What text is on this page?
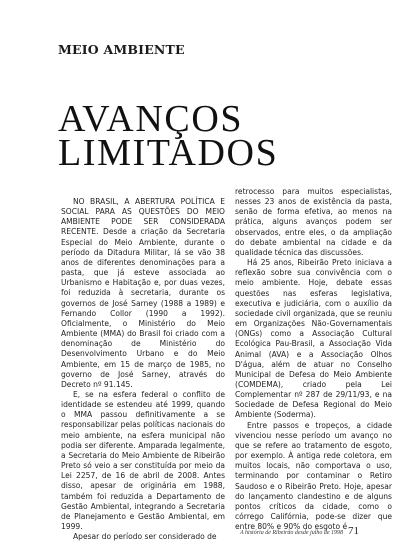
MEIO AMBIENTE
AVANÇOS
LIMITADOS

NO BRASIL, A ABERTURA POLÍTICA E SOCIAL PARA AS QUESTÕES DO MEIO AMBIENTE PODE SER CONSIDERADA RECENTE. Desde a criação da Secretaria Especial do Meio Ambiente, durante o período da Ditadura Militar, lá se vão 38 anos de diferentes denominações para a pasta, que já esteve associada ao Urbanismo e Habitação e, por duas vezes, foi reduzida à secretaria, durante os governos de José Sarney (1988 a 1989) e Fernando Collor (1990 a 1992). Oficialmente, o Ministério do Meio Ambiente (MMA) do Brasil foi criado com a denominação de Ministério do Desenvolvimento Urbano e do Meio Ambiente, em 15 de março de 1985, no governo de José Sarney, através do Decreto nº 91.145.

E, se na esfera federal o conflito de identidade se estendeu até 1999, quando o MMA passou definitivamente a se responsabilizar pelas políticas nacionais do meio ambiente, na esfera municipal não podia ser diferente. Amparada legalmente, a Secretaria do Meio Ambiente de Ribeirão Preto só veio a ser constituída por meio da Lei 2257, de 16 de abril de 2008. Antes disso, apesar de originária em 1988, também foi reduzida a Departamento de Gestão Ambiental, integrando a Secretaria de Planejamento e Gestão Ambiental, em 1999.

Apesar do período ser considerado de

retrocesso para muitos especialistas, nesses 23 anos de existência da pasta, senão de forma efetiva, ao menos na prática, alguns avanços podem ser observados, entre eles, o da ampliação do debate ambiental na cidade e da qualidade técnica das discussões.

Há 25 anos, Ribeirão Preto iniciava a reflexão sobre sua convivência com o meio ambiente. Hoje, debate essas questões nas esferas legislativa, executiva e judiciária, com o auxílio da sociedade civil organizada, que se reuniu em Organizações Não-Governamentais (ONGs) como a Associação Cultural Ecológica Pau-Brasil, a Associação Vida Animal (AVA) e a Associação Olhos D'água, além de atuar no Conselho Municipal de Defesa do Meio Ambiente (COMDEMA), criado pela Lei Complementar nº 287 de 29/11/93, e na Sociedade de Defesa Regional do Meio Ambiente (Soderma).

Entre passos e tropeços, a cidade vivenciou nesse período um avanço no que se refere ao tratamento de esgoto, por exemplo. À antiga rede coletora, em muitos locais, não comportava o uso, terminando por contaminar o Retiro Saudoso e o Ribeirão Preto. Hoje, apesar do lançamento clandestino e de alguns pontos críticos da cidade, como o córrego Califórnia, pode-se dizer que entre 80% e 90% do esgoto é

A história de Ribeirão desde julho de 1998 71
